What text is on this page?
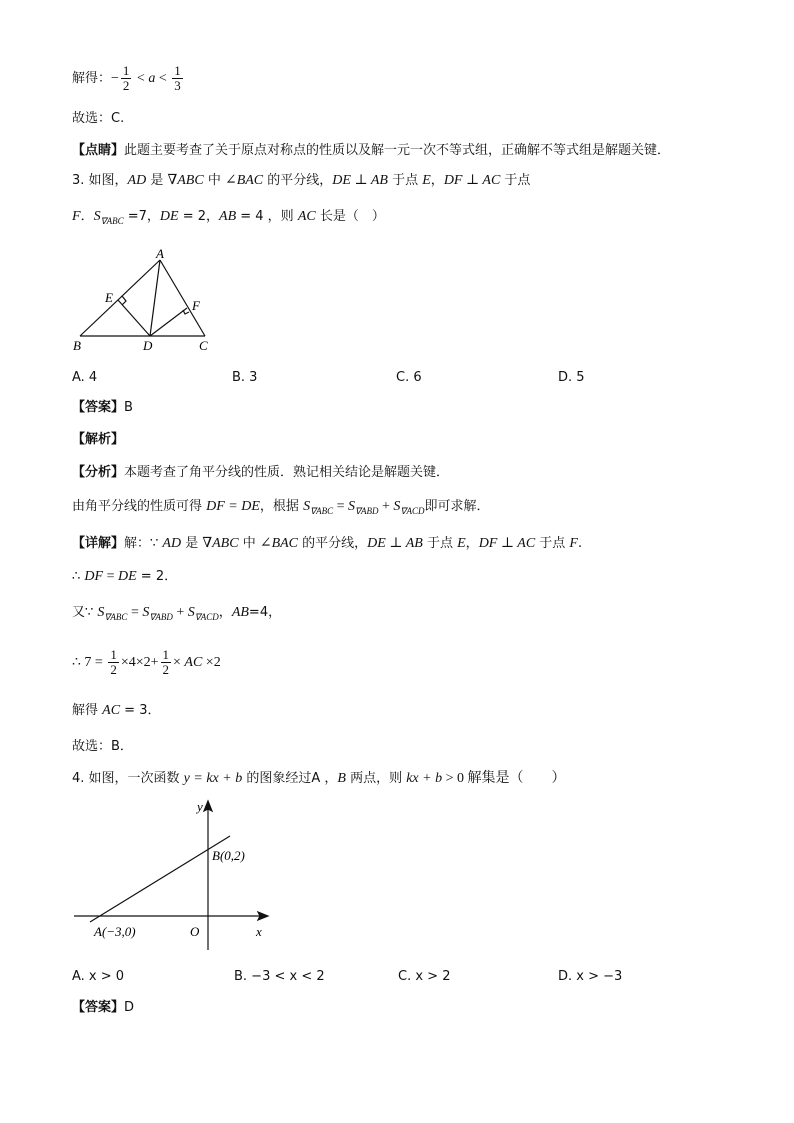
解得：− $\frac{1}{2} < a < \frac{1}{3}$
故选：C.
【点睛】此题主要考查了关于原点对称点的性质以及解一元一次不等式组，正确解不等式组是解题关键．
3. 如图，AD 是 ∇ABC 中 ∠BAC 的平分线，DE ⊥ AB 于点 E，DF ⊥ AC 于点
F．$S_{\nabla ABC} =7$，DE = 2，AB = 4 ，则 AC 长是（　）
A
B	C
D
E
F
A. 4	B. 3	C. 6	D. 5
【答案】B
【解析】
【分析】本题考查了角平分线的性质．熟记相关结论是解题关键．
由角平分线的性质可得 DF = DE，根据 $S_{\nabla ABC} = S_{\nabla ABD} + S_{\nabla ACD}$即可求解．
【详解】解：∵ AD 是 ∇ABC 中 ∠BAC 的平分线，DE ⊥ AB 于点 E，DF ⊥ AC 于点 F.
∴ DF = DE = 2．
又∵ $S_{\nabla ABC} = S_{\nabla ABD} + S_{\nabla ACD}$，AB=4，
∴ $7 = \frac{1}{2} \times 4\times 2+ \frac{1}{2}$ × AC ×2
解得 AC = 3．
故选：B．
4. 如图，一次函数 y = kx + b 的图象经过A ，B 两点，则 kx + b > 0 解集是（　　）
y
x
O
B(0,2)
A(−3,0)
A. x > 0	B. −3 < x < 2	C. x > 2	D. x > −3
【答案】D
